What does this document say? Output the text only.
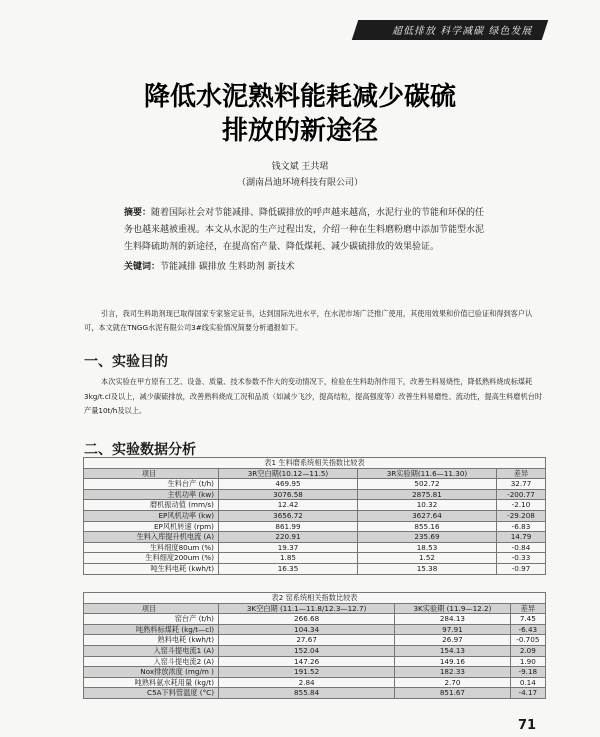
超低排放 科学减碳 绿色发展
降低水泥熟料能耗减少碳硫
排放的新途径
钱文斌 王共珺
（湖南昌迪环境科技有限公司）
摘要：随着国际社会对节能减排、降低碳排放的呼声越来越高，水泥行业的节能和环保的任务也越来越被重视。本文从水泥的生产过程出发，介绍一种在生料磨粉磨中添加节能型水泥生料降硫助剂的新途径，在提高窑产量、降低煤耗、减少碳硫排放的效果验证。
关键词：节能减排 碳排放 生料助剂 新技术
引言，我司生料助剂现已取得国家专家鉴定证书，达到国际先进水平，在水泥市场广泛推广使用，其使用效果和价值已验证和得到客户认可，本文就在TNGG水泥有限公司3#线实验情况简要分析通报如下。
一、实验目的
本次实验在甲方原有工艺、设备、质量、技术参数不作大的变动情况下，检验在生料助剂作用下，改善生料易烧性，降低熟料烧成标煤耗3kg/t.cl及以上，减少碳硫排放，改善熟料烧成工况和品质（如减少飞沙，提高结粒，提高强度等）改善生料易磨性、流动性，提高生料磨机台时产量10t/h及以上。
二、实验数据分析
表1 生料磨系统相关指数比较表			
项目	3R空白期(10.12—11.5)	3R实验期(11.6—11.30)	差异
生料台产 (t/h)	469.95	502.72	32.77
主机功率 (kw)	3076.58	2875.81	-200.77
磨机振动值 (mm/s)	12.42	10.32	-2.10
EP风机功率 (kw)	3656.72	3627.64	-29.208
EP风机转速 (rpm)	861.99	855.16	-6.83
生料入库提升机电流 (A)	220.91	235.69	14.79
生料细度80um (%)	19.37	18.53	-0.84
生料细度200um (%)	1.85	1.52	-0.33
吨生料电耗 (kwh/t)	16.35	15.38	-0.97
表2 窑系统相关指数比较表			
项目	3K空白期 (11.1—11.8/12.3—12.7)	3K实验期 (11.9—12.2)	差异
窑台产 (t/h)	266.68	284.13	7.45
吨熟料标煤耗 (kg/t—cl)	104.34	97.91	-6.43
熟料电耗 (kwh/t)	27.67	26.97	-0.705
入窑斗提电流1 (A)	152.04	154.13	2.09
入窑斗提电流2 (A)	147.26	149.16	1.90
Nox排放浓度 (mg/m )	191.52	182.33	-9.18
吨熟料氨水耗用量 (kg/t)	2.84	2.70	0.14
C5A下料管温度 (°C)	855.84	851.67	-4.17
71
